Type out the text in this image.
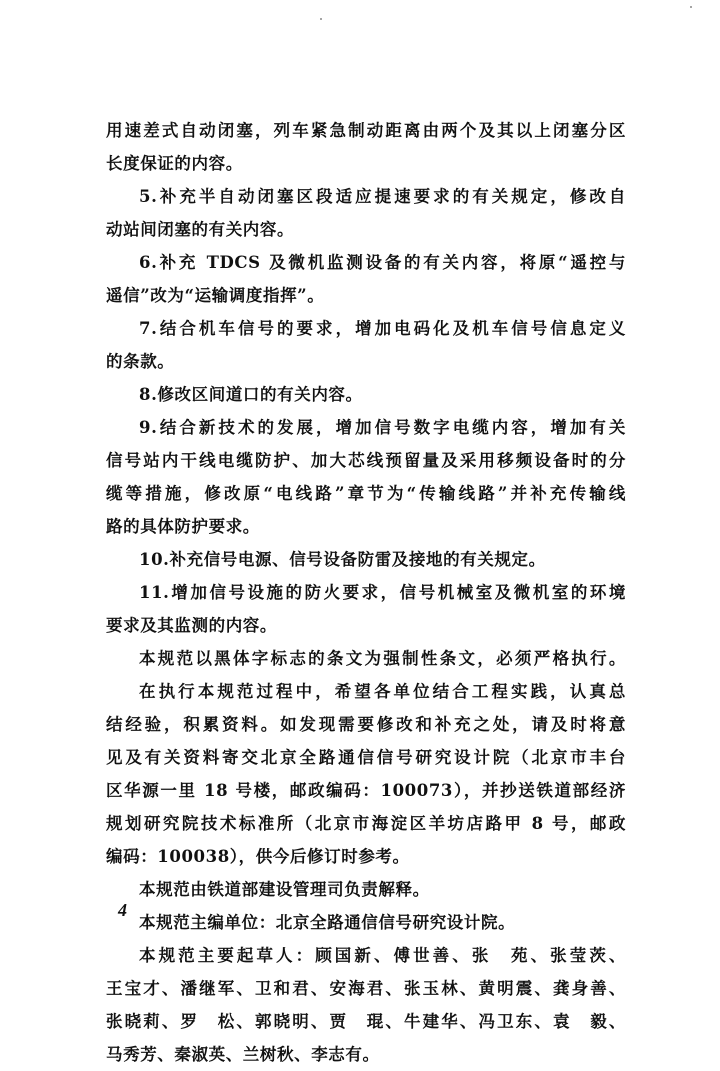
用速差式自动闭塞，列车紧急制动距离由两个及其以上闭塞分区
长度保证的内容。
5.补充半自动闭塞区段适应提速要求的有关规定，修改自
动站间闭塞的有关内容。
6.补充 TDCS 及微机监测设备的有关内容，将原“遥控与
遥信”改为“运输调度指挥”。
7.结合机车信号的要求，增加电码化及机车信号信息定义
的条款。
8.修改区间道口的有关内容。
9.结合新技术的发展，增加信号数字电缆内容，增加有关
信号站内干线电缆防护、加大芯线预留量及采用移频设备时的分
缆等措施，修改原“电线路”章节为“传输线路”并补充传输线
路的具体防护要求。
10.补充信号电源、信号设备防雷及接地的有关规定。
11.增加信号设施的防火要求，信号机械室及微机室的环境
要求及其监测的内容。
本规范以黑体字标志的条文为强制性条文，必须严格执行。
在执行本规范过程中，希望各单位结合工程实践，认真总
结经验，积累资料。如发现需要修改和补充之处，请及时将意
见及有关资料寄交北京全路通信信号研究设计院（北京市丰台
区华源一里 18 号楼，邮政编码：100073），并抄送铁道部经济
规划研究院技术标准所（北京市海淀区羊坊店路甲 8 号，邮政
编码：100038），供今后修订时参考。
本规范由铁道部建设管理司负责解释。
本规范主编单位：北京全路通信信号研究设计院。
本规范主要起草人：顾国新、傅世善、张　苑、张莹茨、
王宝才、潘继军、卫和君、安海君、张玉林、黄明震、龚身善、
张晓莉、罗　松、郭晓明、贾　琨、牛建华、冯卫东、袁　毅、
马秀芳、秦淑英、兰树秋、李志有。
4
